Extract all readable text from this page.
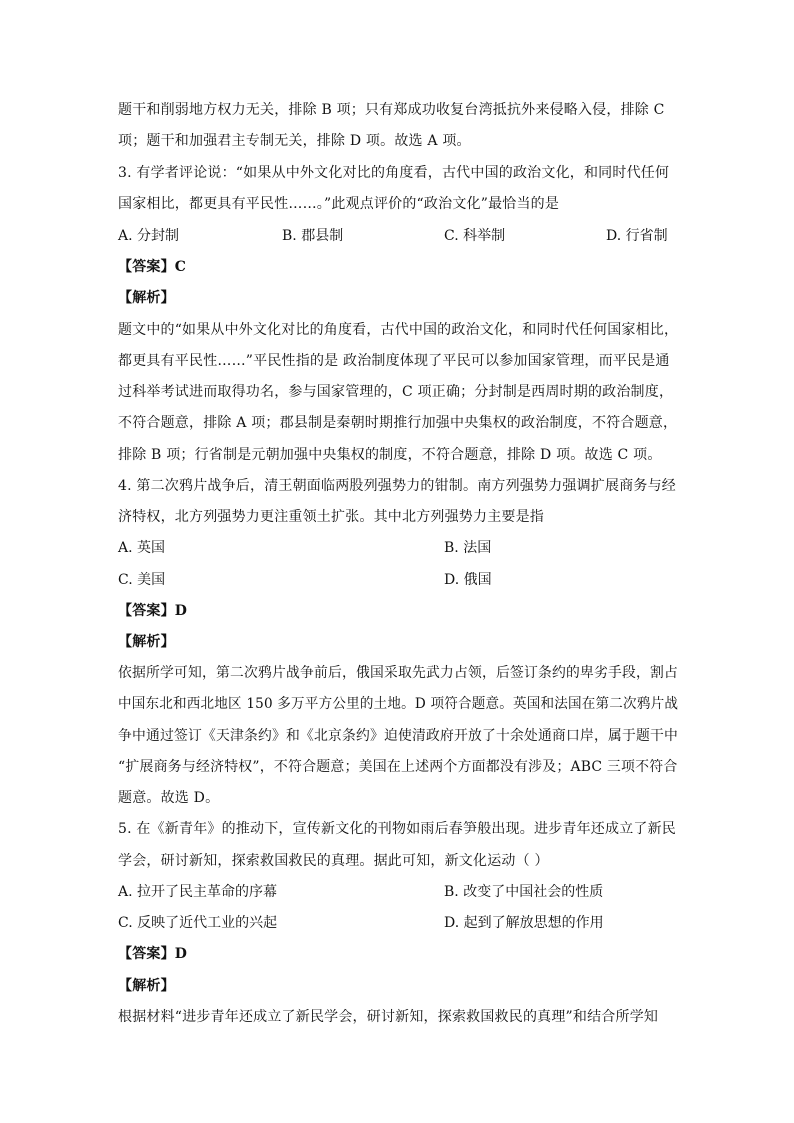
题干和削弱地方权力无关，排除 B 项；只有郑成功收复台湾抵抗外来侵略入侵，排除 C
项；题干和加强君主专制无关，排除 D 项。故选 A 项。
3. 有学者评论说：“如果从中外文化对比的角度看，古代中国的政治文化，和同时代任何
国家相比，都更具有平民性……。”此观点评价的“政治文化”最恰当的是
A. 分封制	B. 郡县制	C. 科举制	D. 行省制
【答案】C
【解析】
题文中的“如果从中外文化对比的角度看，古代中国的政治文化，和同时代任何国家相比，
都更具有平民性……”平民性指的是 政治制度体现了平民可以参加国家管理，而平民是通
过科举考试进而取得功名，参与国家管理的，C 项正确；分封制是西周时期的政治制度，
不符合题意，排除 A 项；郡县制是秦朝时期推行加强中央集权的政治制度，不符合题意，
排除 B 项；行省制是元朝加强中央集权的制度，不符合题意，排除 D 项。故选 C 项。
4. 第二次鸦片战争后，清王朝面临两股列强势力的钳制。南方列强势力强调扩展商务与经
济特权，北方列强势力更注重领土扩张。其中北方列强势力主要是指
A. 英国	B. 法国
C. 美国	D. 俄国
【答案】D
【解析】
依据所学可知，第二次鸦片战争前后，俄国采取先武力占领，后签订条约的卑劣手段，割占
中国东北和西北地区 150 多万平方公里的土地。D 项符合题意。英国和法国在第二次鸦片战
争中通过签订《天津条约》和《北京条约》迫使清政府开放了十余处通商口岸，属于题干中
“扩展商务与经济特权”，不符合题意；美国在上述两个方面都没有涉及；ABC 三项不符合
题意。故选 D。
5. 在《新青年》的推动下，宣传新文化的刊物如雨后春笋般出现。进步青年还成立了新民
学会，研讨新知，探索救国救民的真理。据此可知，新文化运动（ ）
A. 拉开了民主革命的序幕	B. 改变了中国社会的性质
C. 反映了近代工业的兴起	D. 起到了解放思想的作用
【答案】D
【解析】
根据材料“进步青年还成立了新民学会，研讨新知，探索救国救民的真理”和结合所学知
